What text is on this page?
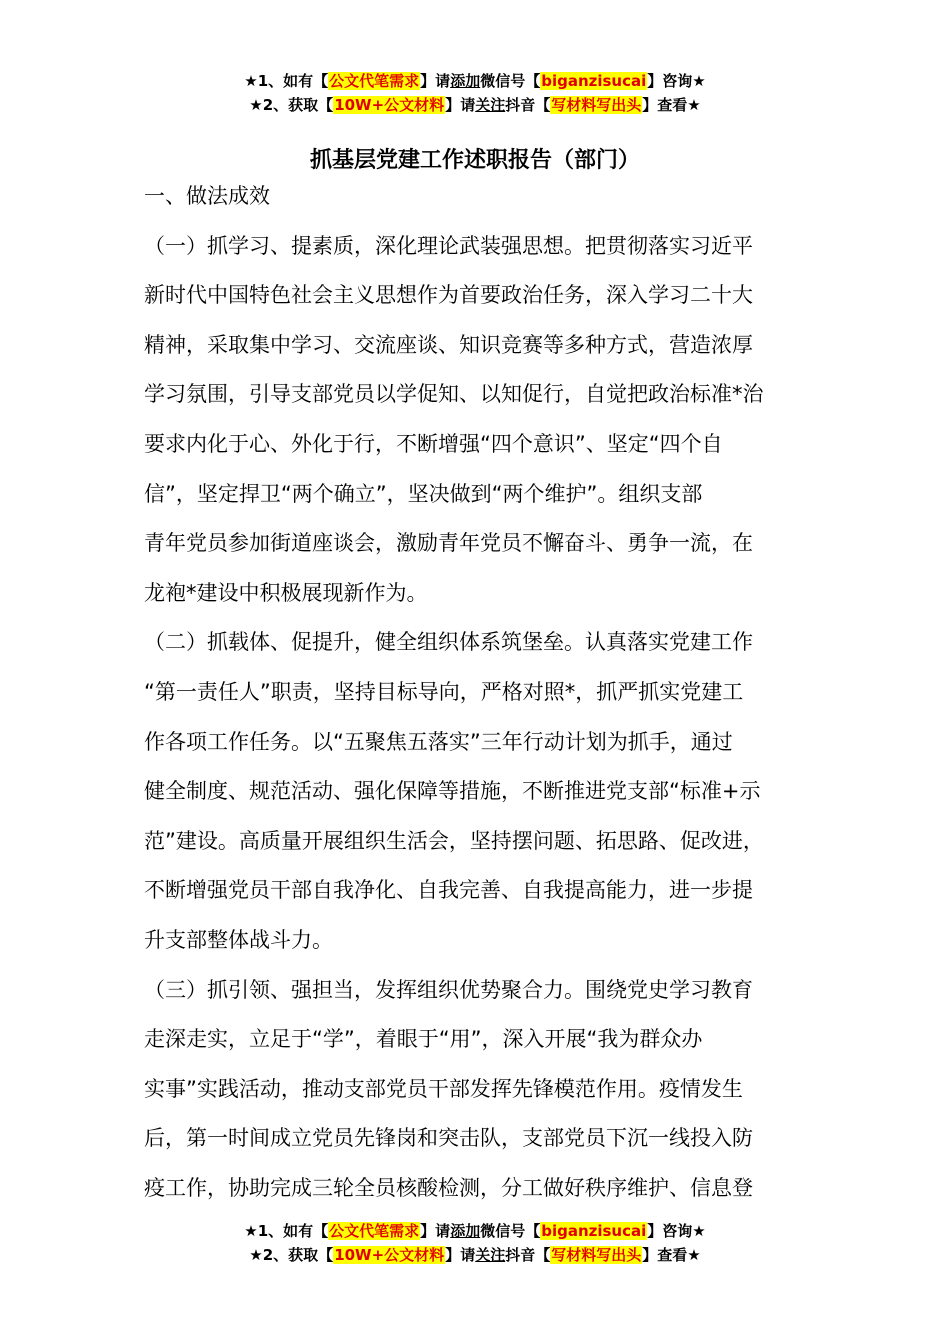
★1、如有【公文代笔需求】请添加微信号【biganzisucai】咨询★
★2、获取【10W+公文材料】请关注抖音【写材料写出头】查看★
抓基层党建工作述职报告（部门）
一、做法成效
（一）抓学习、提素质，深化理论武装强思想。把贯彻落实习近平
新时代中国特色社会主义思想作为首要政治任务，深入学习二十大
精神，采取集中学习、交流座谈、知识竞赛等多种方式，营造浓厚
学习氛围，引导支部党员以学促知、以知促行，自觉把政治标准*治
要求内化于心、外化于行，不断增强“四个意识”、坚定“四个自
信”，坚定捍卫“两个确立”，坚决做到“两个维护”。组织支部
青年党员参加街道座谈会，激励青年党员不懈奋斗、勇争一流，在
龙袍*建设中积极展现新作为。
（二）抓载体、促提升，健全组织体系筑堡垒。认真落实党建工作
“第一责任人”职责，坚持目标导向，严格对照*，抓严抓实党建工
作各项工作任务。以“五聚焦五落实”三年行动计划为抓手，通过
健全制度、规范活动、强化保障等措施，不断推进党支部“标准+示
范”建设。高质量开展组织生活会，坚持摆问题、拓思路、促改进，
不断增强党员干部自我净化、自我完善、自我提高能力，进一步提
升支部整体战斗力。
（三）抓引领、强担当，发挥组织优势聚合力。围绕党史学习教育
走深走实，立足于“学”，着眼于“用”，深入开展“我为群众办
实事”实践活动，推动支部党员干部发挥先锋模范作用。疫情发生
后，第一时间成立党员先锋岗和突击队，支部党员下沉一线投入防
疫工作，协助完成三轮全员核酸检测，分工做好秩序维护、信息登
★1、如有【公文代笔需求】请添加微信号【biganzisucai】咨询★
★2、获取【10W+公文材料】请关注抖音【写材料写出头】查看★
